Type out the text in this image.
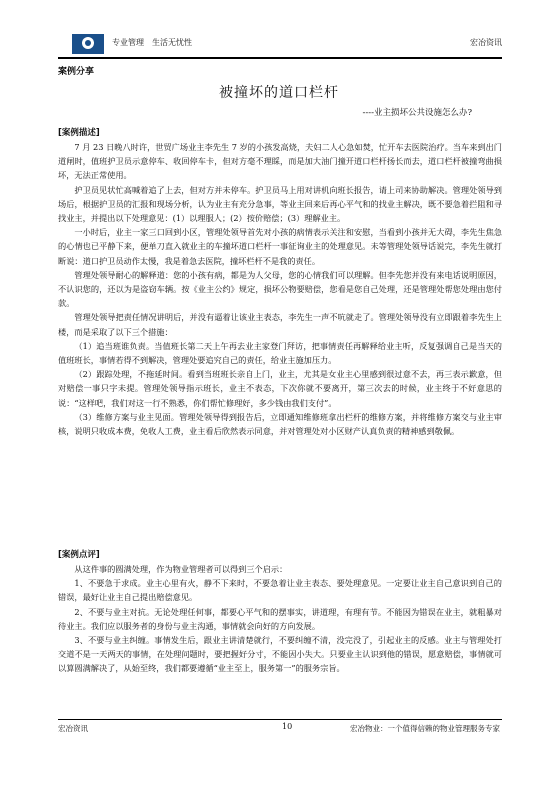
专业管理　生活无忧性	宏冶资讯
案例分享
被撞坏的道口栏杆
----业主损坏公共设施怎么办?
[案例描述]

7 月 23 日晚八时许，世贸广场业主李先生 7 岁的小孩发高烧，夫妇二人心急如焚，忙开车去医院治疗。当车来到出门道闸时，值班护卫员示意停车、收回停车卡，但对方毫不理睬，而是加大油门撞开道口栏杆扬长而去，道口栏杆被撞弯曲损坏，无法正常使用。

护卫员见状忙高喊着追了上去，但对方并未停车。护卫员马上用对讲机向班长报告，请上司来协助解决。管理处领导到场后，根据护卫员的汇报和现场分析，认为业主有充分急事，等业主回来后再心平气和的找业主解决，既不要急着拦阻和寻找业主，并提出以下处理意见：(1）以理服人；(2）按价赔偿；(3）理解业主。

一小时后，业主一家三口回到小区，管理处领导首先对小孩的病情表示关注和安慰，当看到小孩并无大碍，李先生焦急的心情也已平静下来，便单刀直入就业主的车撞坏道口栏杆一事征询业主的处理意见。未等管理处领导话说完，李先生就打断说：道口护卫员动作太慢，我是着急去医院，撞坏栏杆不是我的责任。

管理处领导耐心的解释道：您的小孩有病，都是为人父母，您的心情我们可以理解。但李先您并没有来电话说明原因，不认识您的，还以为是盗窃车辆。按《业主公约》规定，损坏公物要赔偿，您看是您自己处理，还是管理处帮您处理由您付款。

管理处领导把责任情况讲明后，并没有逼着让该业主表态，李先生一声不吭就走了。管理处领导没有立即跟着李先生上楼，而是采取了以下三个措施：

（1）追当班谁负责。当值班长第二天上午再去业主家登门拜访，把事情责任再解释给业主听，反复强调自己是当天的值班班长，事情若得不到解决，管理处要追究自己的责任，给业主施加压力。

（2）跟踪处理，不拖延时间。看到当班班长亲自上门，业主，尤其是女业主心里感到很过意不去，再三表示歉意，但对赔偿一事只字未提。管理处领导指示班长，业主不表态，下次你就不要离开，第三次去的时候，业主终于不好意思的说：“这样吧，我们对这一行不熟悉，你们帮忙修理好，多少钱由我们支付”。

（3）维修方案与业主见面。管理处领导得到报告后，立即通知维修班拿出栏杆的维修方案，并将维修方案交与业主审核，说明只收成本费，免收人工费，业主看后欣然表示同意，并对管理处对小区财产认真负责的精神感到敬佩。

[案例点评]

从这件事的圆满处理，作为物业管理者可以得到三个启示：

1、不要急于求成。业主心里有火，静不下来时，不要急着让业主表态、要处理意见。一定要让业主自己意识到自己的错误，最好让业主自己提出赔偿意见。

2、不要与业主对抗。无论处理任何事，都要心平气和的摆事实，讲道理，有理有节。不能因为错误在业主，就粗暴对待业主。我们应以服务者的身份与业主沟通，事情就会向好的方向发展。

3、不要与业主纠缠。事情发生后，跟业主讲清楚就行，不要纠缠不清，没完没了，引起业主的反感。业主与管理处打交道不是一天两天的事情，在处理问题时，要把握好分寸，不能因小失大。只要业主认识到他的错误，愿意赔偿，事情就可以算圆满解决了，从始至终，我们都要遵循“业主至上，服务第一”的服务宗旨。

宏冶资讯	10	宏冶物业：一个值得信赖的物业管理服务专家
